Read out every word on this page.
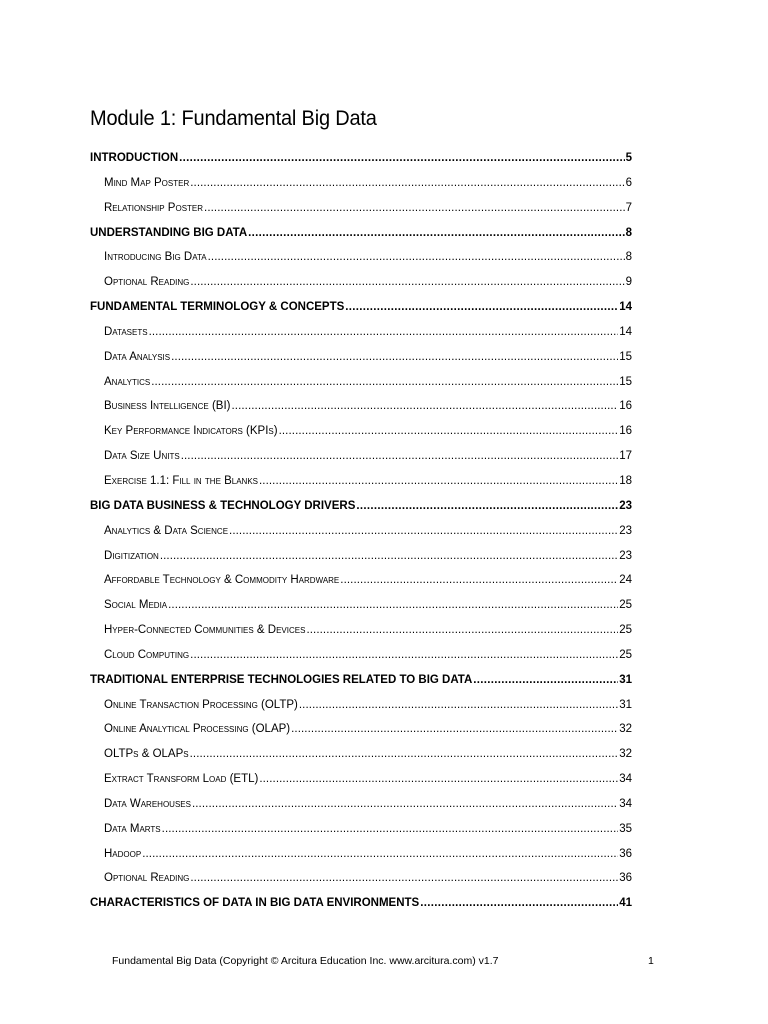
Module 1: Fundamental Big Data
INTRODUCTION .....	5
Mind Map Poster .....	6
Relationship Poster .....	7
UNDERSTANDING BIG DATA .....	8
Introducing Big Data .....	8
Optional Reading .....	9
FUNDAMENTAL TERMINOLOGY & CONCEPTS .....	14
Datasets .....	14
Data Analysis .....	15
Analytics .....	15
Business Intelligence (BI) .....	16
Key Performance Indicators (KPIs) .....	16
Data Size Units .....	17
Exercise 1.1: Fill in the Blanks .....	18
BIG DATA BUSINESS & TECHNOLOGY DRIVERS .....	23
Analytics & Data Science .....	23
Digitization .....	23
Affordable Technology & Commodity Hardware .....	24
Social Media .....	25
Hyper-Connected Communities & Devices .....	25
Cloud Computing .....	25
TRADITIONAL ENTERPRISE TECHNOLOGIES RELATED TO BIG DATA .....	31
Online Transaction Processing (OLTP) .....	31
Online Analytical Processing (OLAP) .....	32
OLTPs & OLAPs .....	32
Extract Transform Load (ETL) .....	34
Data Warehouses .....	34
Data Marts .....	35
Hadoop .....	36
Optional Reading .....	36
CHARACTERISTICS OF DATA IN BIG DATA ENVIRONMENTS .....	41
Fundamental Big Data (Copyright © Arcitura Education Inc. www.arcitura.com) v1.7	1
